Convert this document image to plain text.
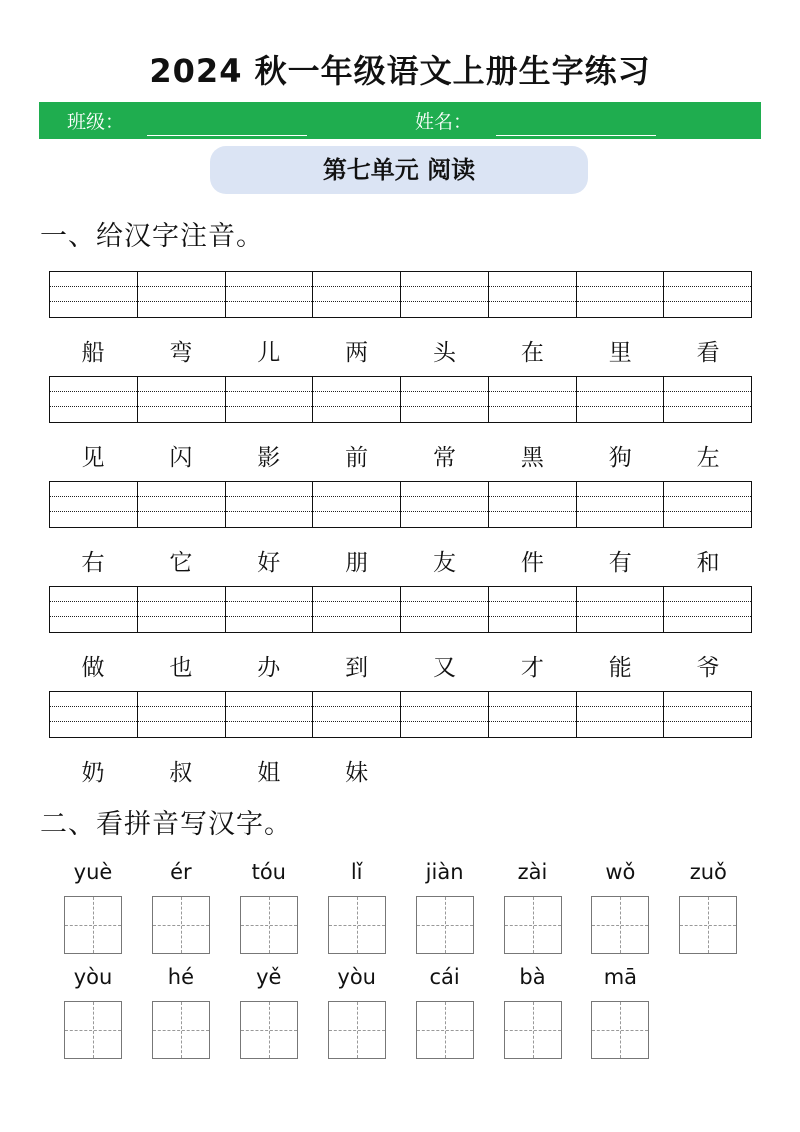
2024 秋一年级语文上册生字练习
班级：	姓名：
第七单元 阅读
一、给汉字注音。
船	弯	儿	两	头	在	里	看
见	闪	影	前	常	黑	狗	左
右	它	好	朋	友	件	有	和
做	也	办	到	又	才	能	爷
奶	叔	姐	妹
二、看拼音写汉字。
yuè	ér	tóu	lǐ	jiàn	zài	wǒ	zuǒ
yòu	hé	yě	yòu	cái	bà	mā
